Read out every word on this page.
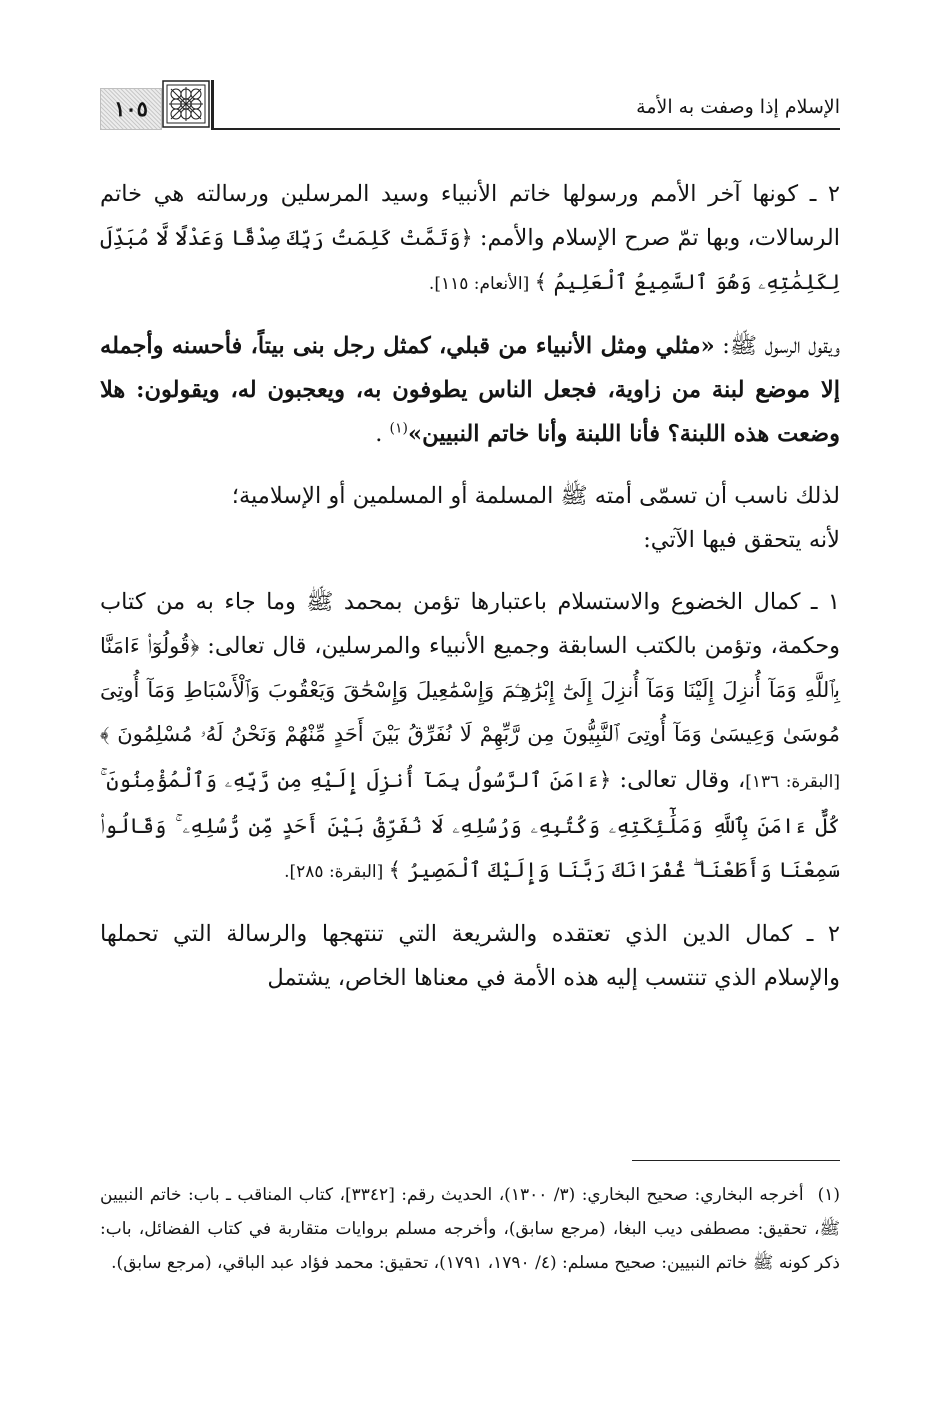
الإسلام إذا وصفت به الأمة
١٠٥

٢ ـ كونها آخر الأمم ورسولها خاتم الأنبياء وسيد المرسلين ورسالته هي خاتم الرسالات، وبها تمّ صرح الإسلام والأمم: ﴿وَتَمَّتْ كَلِمَتُ رَبِّكَ صِدْقًا وَعَدْلًا لَّا مُبَدِّلَ لِكَلِمَٰتِهِۦ وَهُوَ ٱلسَّمِيعُ ٱلْعَلِيمُ ﴾ [الأنعام: ١١٥].

ويقول الرسول ﷺ: «مثلي ومثل الأنبياء من قبلي، كمثل رجل بنى بيتاً، فأحسنه وأجمله إلا موضع لبنة من زاوية، فجعل الناس يطوفون به، ويعجبون له، ويقولون: هلا وضعت هذه اللبنة؟ فأنا اللبنة وأنا خاتم النبيين»$^{(١)}$ .

لذلك ناسب أن تسمّى أمته ﷺ المسلمة أو المسلمين أو الإسلامية؛
لأنه يتحقق فيها الآتي:

١ ـ كمال الخضوع والاستسلام باعتبارها تؤمن بمحمد ﷺ وما جاء به من كتاب وحكمة، وتؤمن بالكتب السابقة وجميع الأنبياء والمرسلين، قال تعالى: ﴿قُولُوٓا۟ ءَامَنَّا بِٱللَّهِ وَمَآ أُنزِلَ إِلَيْنَا وَمَآ أُنزِلَ إِلَىٰٓ إِبْرَٰهِـۧمَ وَإِسْمَٰعِيلَ وَإِسْحَٰقَ وَيَعْقُوبَ وَٱلْأَسْبَاطِ وَمَآ أُوتِىَ مُوسَىٰ وَعِيسَىٰ وَمَآ أُوتِىَ ٱلنَّبِيُّونَ مِن رَّبِّهِمْ لَا نُفَرِّقُ بَيْنَ أَحَدٍ مِّنْهُمْ وَنَحْنُ لَهُۥ مُسْلِمُونَ ﴾ [البقرة: ١٣٦]، وقال تعالى: ﴿ءَامَنَ ٱلرَّسُولُ بِمَآ أُنزِلَ إِلَيْهِ مِن رَّبِّهِۦ وَٱلْمُؤْمِنُونَ ۚ كُلٌّ ءَامَنَ بِٱللَّهِ وَمَلَٰٓئِكَتِهِۦ وَكُتُبِهِۦ وَرُسُلِهِۦ لَا نُفَرِّقُ بَيْنَ أَحَدٍ مِّن رُّسُلِهِۦ ۚ وَقَالُوا۟ سَمِعْنَا وَأَطَعْنَا ۖ غُفْرَانَكَ رَبَّنَا وَإِلَيْكَ ٱلْمَصِيرُ ﴾ [البقرة: ٢٨٥].

٢ ـ كمال الدين الذي تعتقده والشريعة التي تنتهجها والرسالة التي تحملها والإسلام الذي تنتسب إليه هذه الأمة في معناها الخاص، يشتمل

(١)أخرجه البخاري: صحيح البخاري: (٣/ ١٣٠٠)، الحديث رقم: [٣٣٤٢]، كتاب المناقب ـ باب: خاتم النبيين ﷺ، تحقيق: مصطفى ديب البغا، (مرجع سابق)، وأخرجه مسلم بروايات متقاربة في كتاب الفضائل، باب: ذكر كونه ﷺ خاتم النبيين: صحيح مسلم: (٤/ ١٧٩٠، ١٧٩١)، تحقيق: محمد فؤاد عبد الباقي، (مرجع سابق).
